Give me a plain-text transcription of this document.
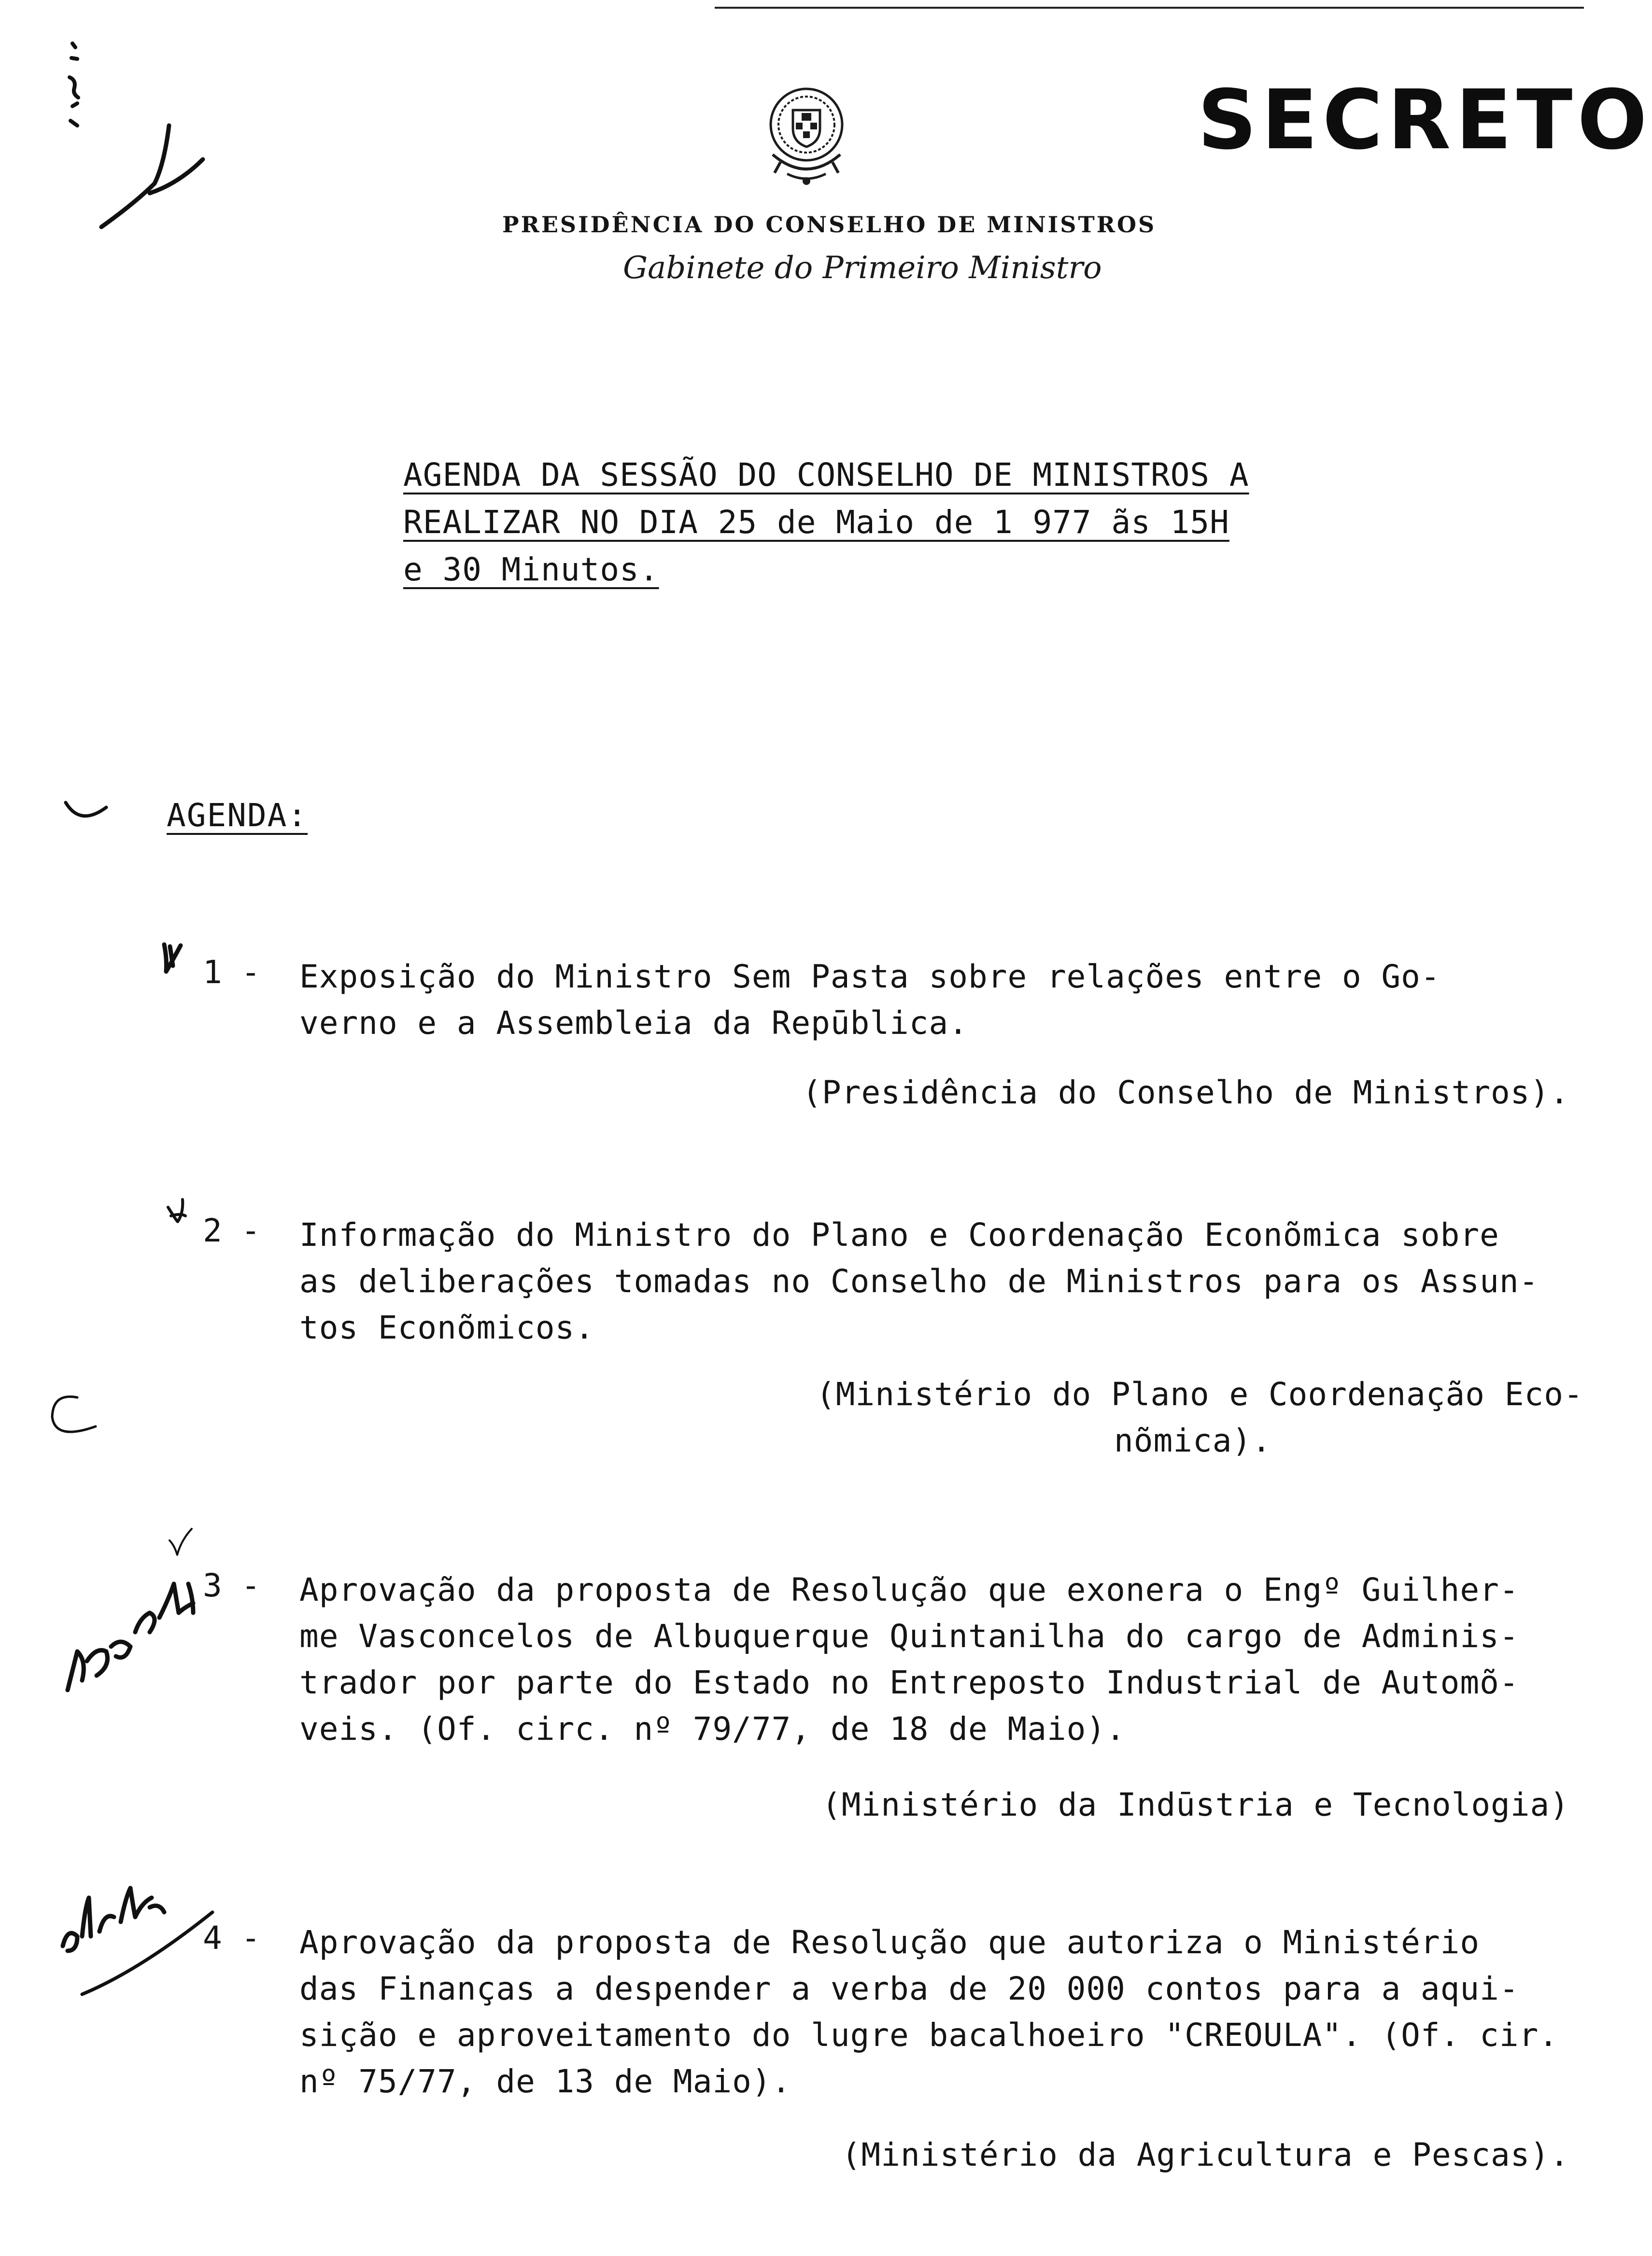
SECRETO

PRESIDÊNCIA DO CONSELHO DE MINISTROS

Gabinete do Primeiro Ministro

AGENDA DA SESSÃO DO CONSELHO DE MINISTROS A
REALIZAR NO DIA 25 de Maio de 1 977 ãs 15H
e 30 Minutos.

AGENDA:

1 - Exposição do Ministro Sem Pasta sobre relações entre o Go-
verno e a Assembleia da Repūblica.
(Presidência do Conselho de Ministros).
2 - Informação do Ministro do Plano e Coordenação Econõmica sobre
as deliberações tomadas no Conselho de Ministros para os Assun-
tos Econõmicos.
(Ministério do Plano e Coordenação Eco-
nõmica).
3 - Aprovação da proposta de Resolução que exonera o Engº Guilher-
me Vasconcelos de Albuquerque Quintanilha do cargo de Adminis-
trador por parte do Estado no Entreposto Industrial de Automõ-
veis. (Of. circ. nº 79/77, de 18 de Maio).
(Ministério da Indūstria e Tecnologia)
4 - Aprovação da proposta de Resolução que autoriza o Ministério
das Finanças a despender a verba de 20 000 contos para a aqui-
sição e aproveitamento do lugre bacalhoeiro "CREOULA". (Of. cir.
nº 75/77, de 13 de Maio).
(Ministério da Agricultura e Pescas).
